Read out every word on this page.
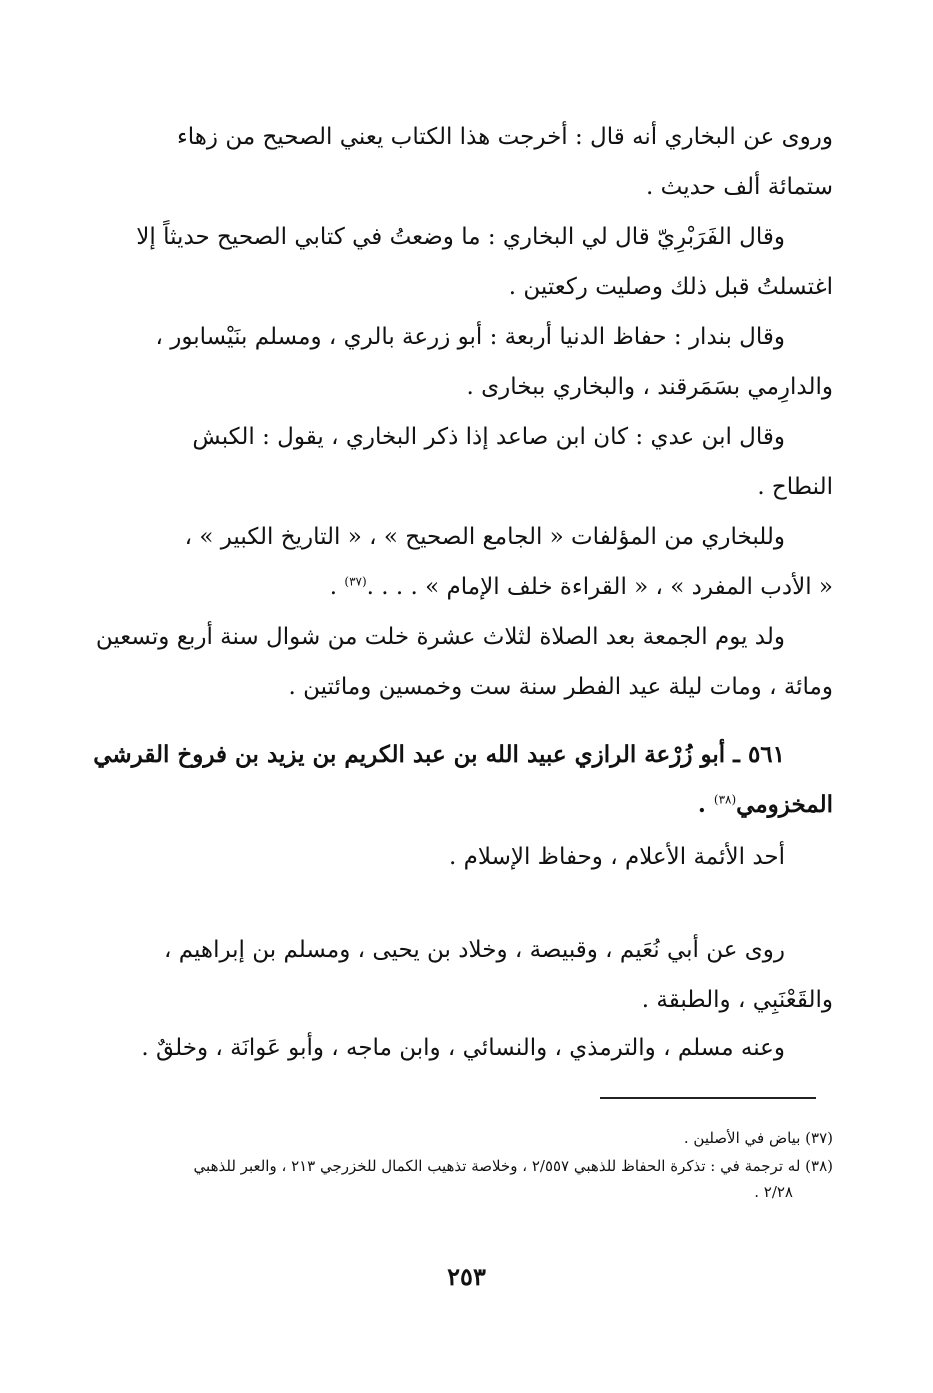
وروى عن البخاري أنه قال : أخرجت هذا الكتاب يعني الصحيح من زهاء
ستمائة ألف حديث .

وقال الفَرَبْرِيّ قال لي البخاري : ما وضعتُ في كتابي الصحيح حديثاً إلا
اغتسلتُ قبل ذلك وصليت ركعتين .

وقال بندار : حفاظ الدنيا أربعة : أبو زرعة بالري ، ومسلم بنَيْسابور ،
والدارِمي بسَمَرقند ، والبخاري ببخارى .

وقال ابن عدي : كان ابن صاعد إذا ذكر البخاري ، يقول : الكبش
النطاح .

وللبخاري من المؤلفات « الجامع الصحيح » ، « التاريخ الكبير » ،
« الأدب المفرد » ، « القراءة خلف الإمام » . . . .$^{(٣٧)}$ .

ولد يوم الجمعة بعد الصلاة لثلاث عشرة خلت من شوال سنة أربع وتسعين
ومائة ، ومات ليلة عيد الفطر سنة ست وخمسين ومائتين .

٥٦١ ـ أبو زُرْعة الرازي عبيد الله بن عبد الكريم بن يزيد بن فروخ القرشي
المخزومي$^{(٣٨)}$ .

أحد الأئمة الأعلام ، وحفاظ الإسلام .

روى عن أبي نُعَيم ، وقبيصة ، وخلاد بن يحيى ، ومسلم بن إبراهيم ،
والقَعْنَبِي ، والطبقة .

وعنه مسلم ، والترمذي ، والنسائي ، وابن ماجه ، وأبو عَوانَة ، وخلقٌ .

(٣٧) بياض في الأصلين .

(٣٨) له ترجمة في : تذكرة الحفاظ للذهبي ٢/٥٥٧ ، وخلاصة تذهيب الكمال للخزرجي ٢١٣ ، والعبر للذهبي
٢/٢٨ .

٢٥٣
